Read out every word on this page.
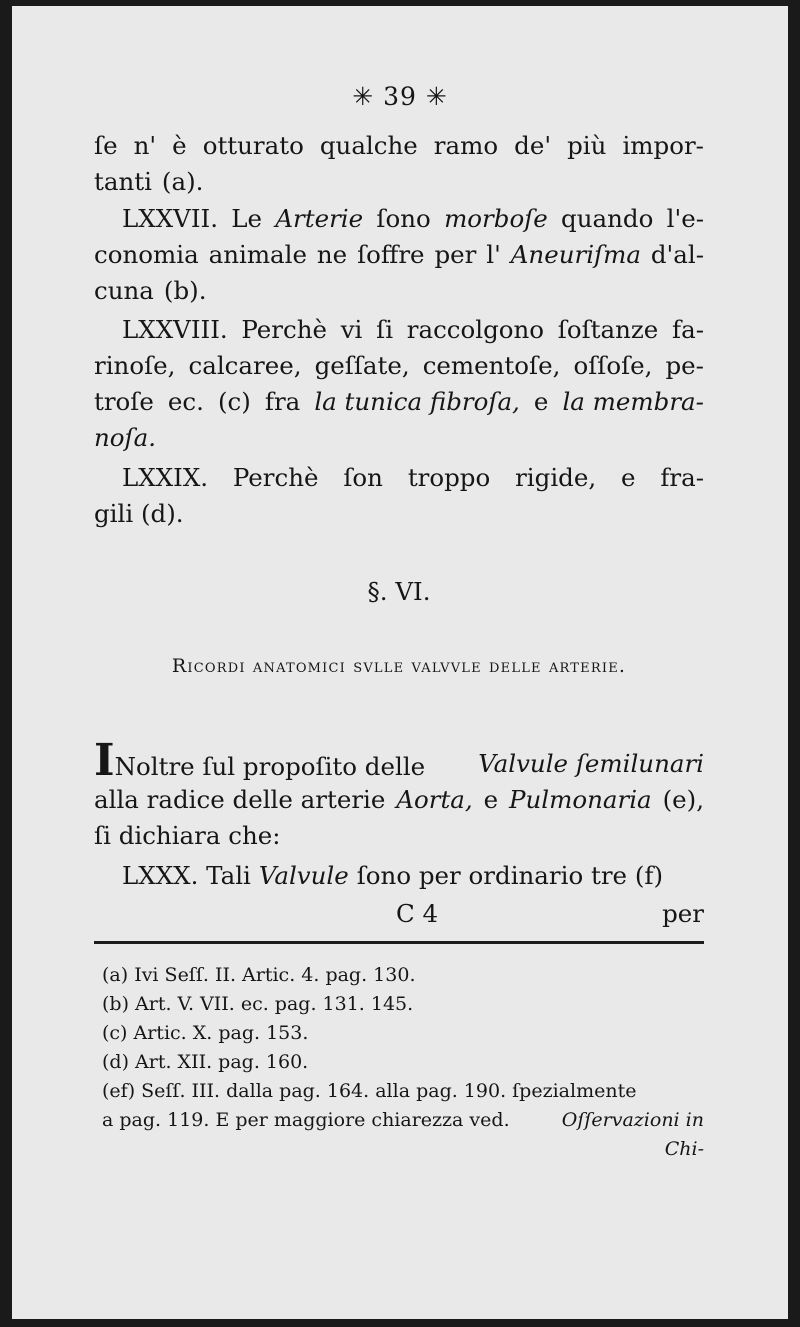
✳ 39 ✳
ſe n' è otturato qualche ramo de' più impor-
tanti (a).
LXXVII. Le Arterie ſono morboſe quando l'e-
conomia animale ne ſoffre per l' Aneuriſma d'al-
cuna (b).
LXXVIII. Perchè vi ſi raccolgono ſoſtanze fa-
rinoſe, calcaree, geſſate, cementoſe, oſſoſe, pe-
troſe ec. (c) fra la tunica fibroſa, e la membra-
noſa.
LXXIX. Perchè ſon troppo rigide, e fra-
gili (d).
§. VI.
Ricordi anatomici svlle valvvle delle arterie.
INoltre ſul propoſito delle Valvule ſemilunari
alla radice delle arterie Aorta, e Pulmonaria (e),
ſi dichiara che:
LXXX. Tali Valvule ſono per ordinario tre (f)
C 4	per
(a) Ivi Seſſ. II. Artic. 4. pag. 130.
(b) Art. V. VII. ec. pag. 131. 145.
(c) Artic. X. pag. 153.
(d) Art. XII. pag. 160.
(ef) Seſſ. III. dalla pag. 164. alla pag. 190. ſpezialmente
a pag. 119. E per maggiore chiarezza ved.	Oſſervazioni in
Chi-
